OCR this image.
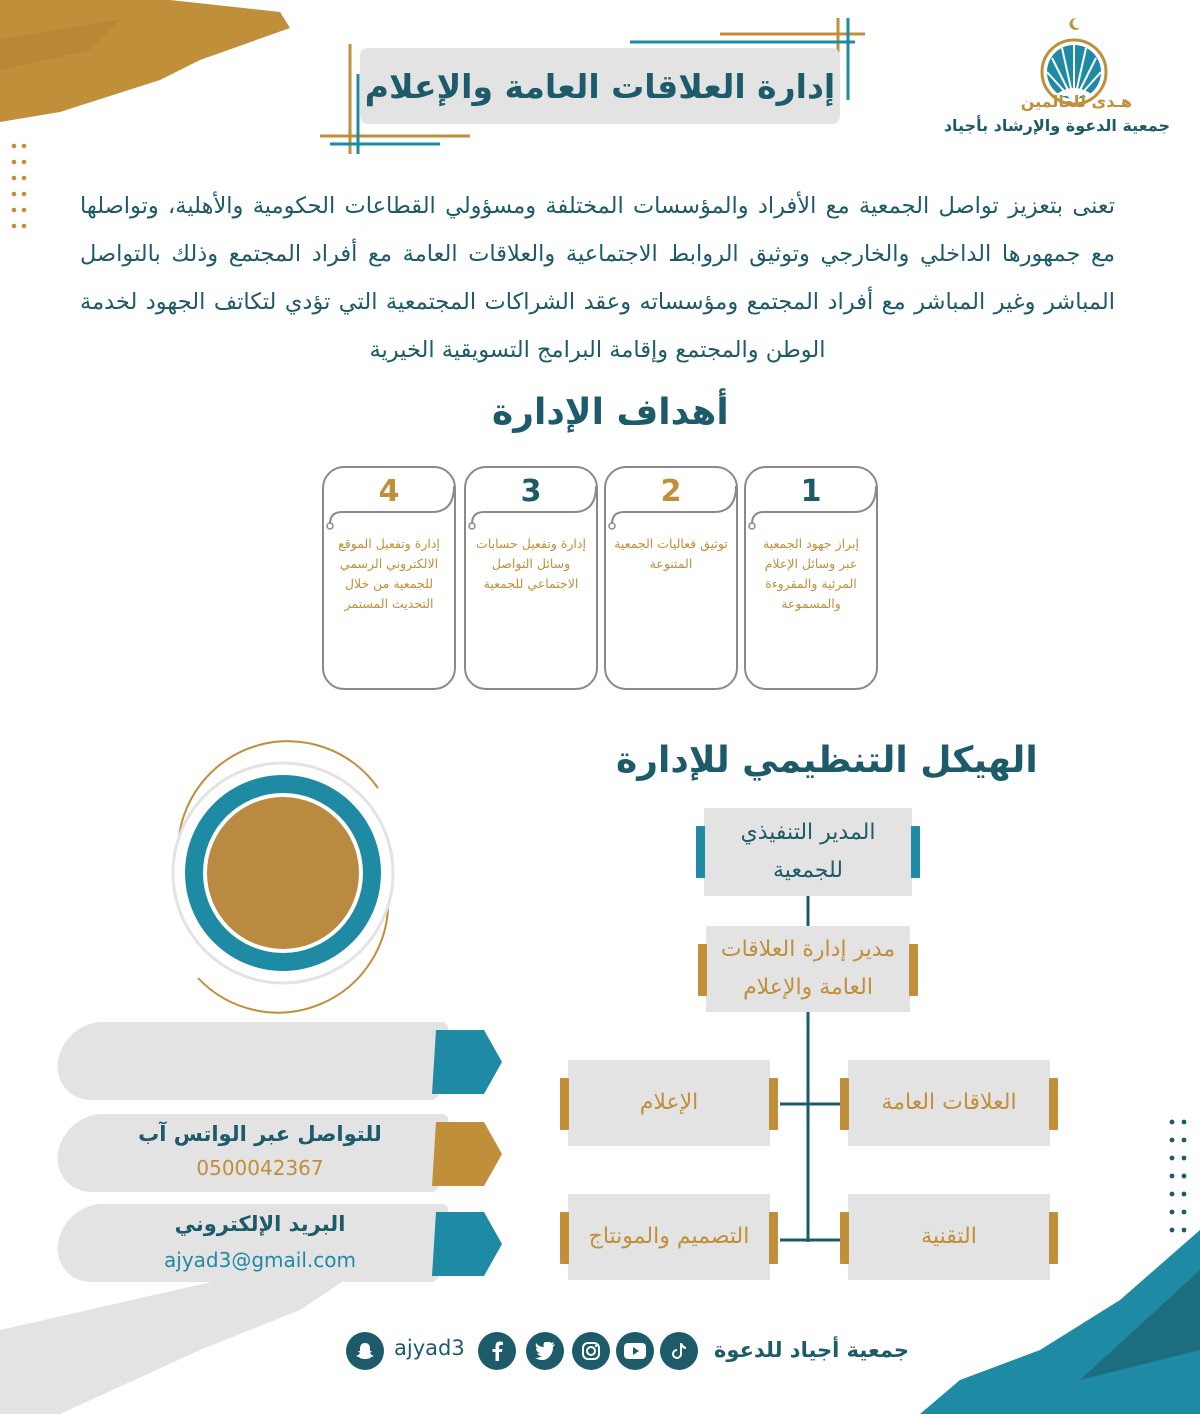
إدارة العلاقات العامة والإعلام	هـدى للعالمين
جمعية الدعوة والإرشاد بأجياد

تعنى بتعزيز تواصل الجمعية مع الأفراد والمؤسسات المختلفة ومسؤولي القطاعات الحكومية والأهلية، وتواصلها مع جمهورها الداخلي والخارجي وتوثيق الروابط الاجتماعية والعلاقات العامة مع أفراد المجتمع وذلك بالتواصل المباشر وغير المباشر مع أفراد المجتمع ومؤسساته وعقد الشراكات المجتمعية التي تؤدي لتكاتف الجهود لخدمة الوطن والمجتمع وإقامة البرامج التسويقية الخيرية

أهداف الإدارة
1
إبراز جهود الجمعية عبر وسائل الإعلام المرئية والمقروءة والمسموعة
2
توثيق فعاليات الجمعية المتنوعة
3
إدارة وتفعيل حسابات وسائل التواصل الاجتماعي للجمعية
4
إدارة وتفعيل الموقع الالكتروني الرسمي للجمعية من خلال التحديث المستمر
الهيكل التنظيمي للإدارة
المدير التنفيذي للجمعية
مدير إدارة العلاقات العامة والإعلام
العلاقات العامة
الإعلام
التقنية
التصميم والمونتاج
للتواصل عبر الواتس آب
0500042367
البريد الإلكتروني
ajyad3@gmail.com
جمعية أجياد للدعوة
ajyad3
